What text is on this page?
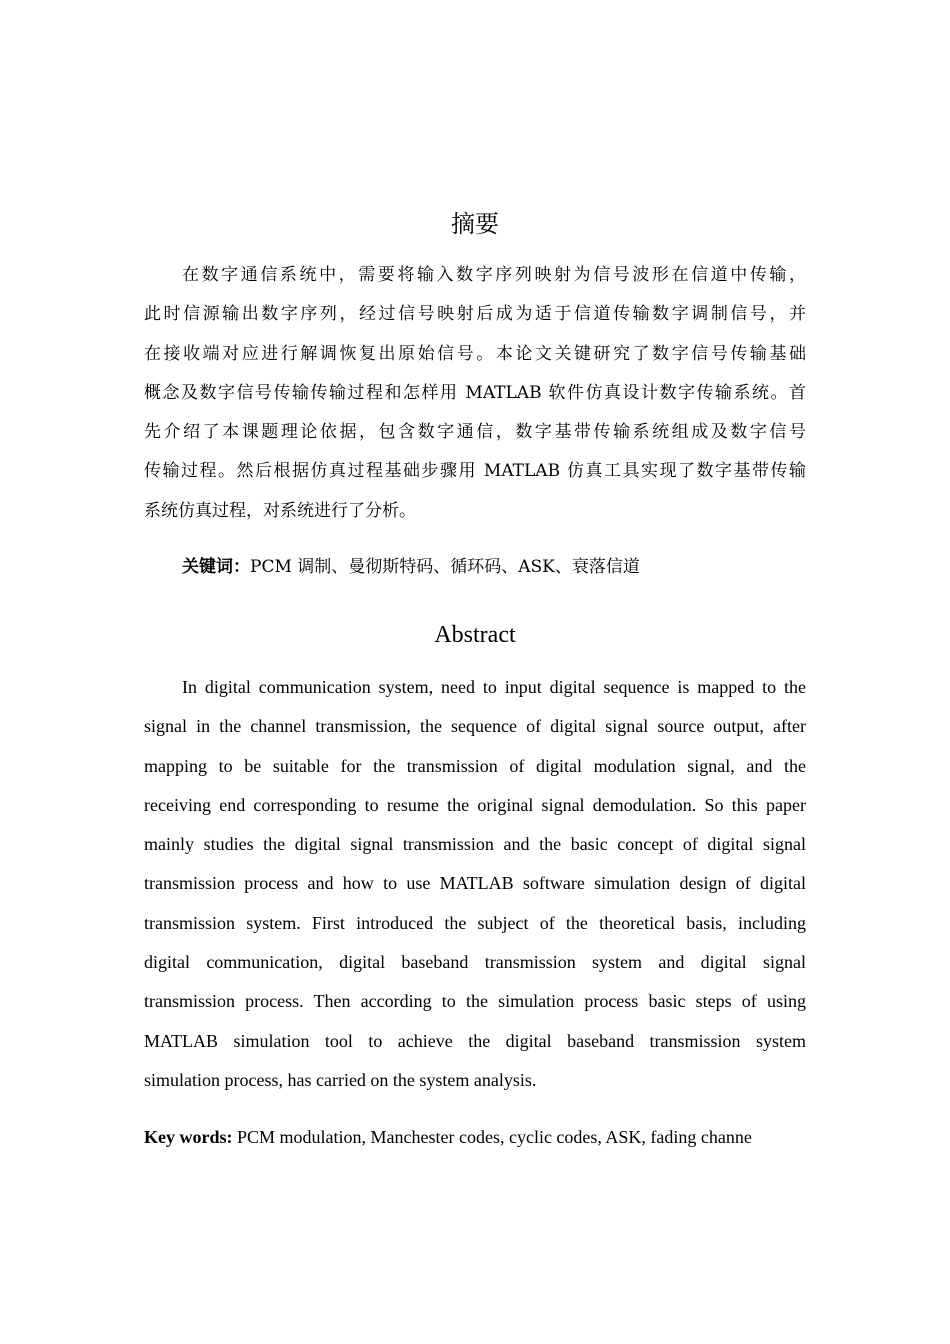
摘要
在数字通信系统中，需要将输入数字序列映射为信号波形在信道中传输，
此时信源输出数字序列，经过信号映射后成为适于信道传输数字调制信号，并
在接收端对应进行解调恢复出原始信号。本论文关键研究了数字信号传输基础
概念及数字信号传输传输过程和怎样用 MATLAB 软件仿真设计数字传输系统。首
先介绍了本课题理论依据，包含数字通信，数字基带传输系统组成及数字信号
传输过程。然后根据仿真过程基础步骤用 MATLAB 仿真工具实现了数字基带传输
系统仿真过程，对系统进行了分析。
关键词：PCM 调制、曼彻斯特码、循环码、ASK、衰落信道
Abstract
In digital communication system, need to input digital sequence is mapped to the
signal in the channel transmission, the sequence of digital signal source output, after
mapping to be suitable for the transmission of digital modulation signal, and the
receiving end corresponding to resume the original signal demodulation. So this paper
mainly studies the digital signal transmission and the basic concept of digital signal
transmission process and how to use MATLAB software simulation design of digital
transmission system. First introduced the subject of the theoretical basis, including
digital communication, digital baseband transmission system and digital signal
transmission process. Then according to the simulation process basic steps of using
MATLAB simulation tool to achieve the digital baseband transmission system
simulation process, has carried on the system analysis.
Key words: PCM modulation, Manchester codes, cyclic codes, ASK, fading channe
